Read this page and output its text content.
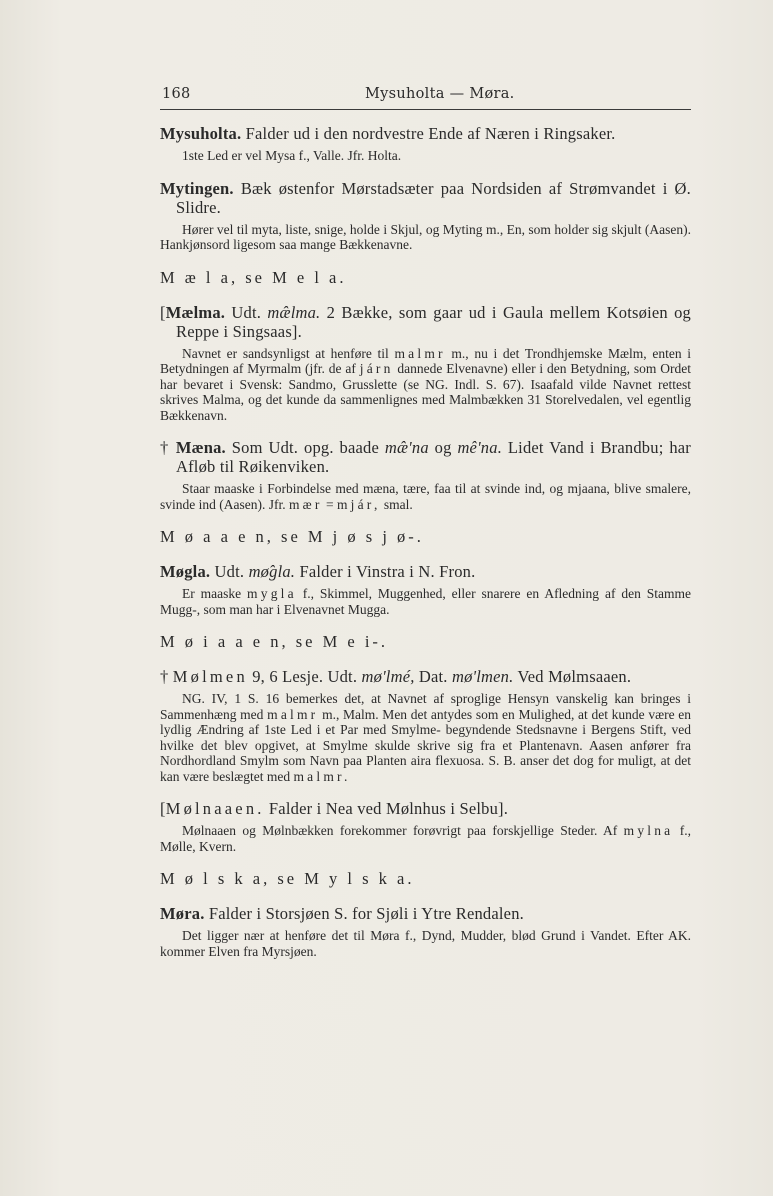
168	Mysuholta — Møra.
Mysuholta. Falder ud i den nordvestre Ende af Næren i Ringsaker.
1ste Led er vel Mysa f., Valle. Jfr. Holta.
Mytingen. Bæk østenfor Mørstadsæter paa Nordsiden af Strømvandet i Ø. Slidre.
Hører vel til myta, liste, snige, holde i Skjul, og Myting m., En, som holder sig skjult (Aasen). Hankjønsord ligesom saa mange Bækkenavne.
M æ l a, se M e l a.
[Mælma. Udt. mæ̂lma. 2 Bække, som gaar ud i Gaula mellem Kotsøien og Reppe i Singsaas].
Navnet er sandsynligst at henføre til malmr m., nu i det Trondhjemske Mælm, enten i Betydningen af Myrmalm (jfr. de af járn dannede Elvenavne) eller i den Betydning, som Ordet har bevaret i Svensk: Sandmo, Grusslette (se NG. Indl. S. 67). Isaafald vilde Navnet rettest skrives Malma, og det kunde da sammenlignes med Malmbækken 31 Storelvedalen, vel egentlig Bækkenavn.
† Mæna. Som Udt. opg. baade mæ̂'na og mê'na. Lidet Vand i Brandbu; har Afløb til Røikenviken.
Staar maaske i Forbindelse med mæna, tære, faa til at svinde ind, og mjaana, blive smalere, svinde ind (Aasen). Jfr. mær = mjár, smal.
M ø a a e n, se M j ø s j ø-.
Møgla. Udt. mø̂gla. Falder i Vinstra i N. Fron.
Er maaske mygla f., Skimmel, Muggenhed, eller snarere en Afledning af den Stamme Mugg-, som man har i Elvenavnet Mugga.
M ø i a a e n, se M e i-.
† Mølmen 9, 6 Lesje. Udt. mø'lmé, Dat. mø'lmen. Ved Mølmsaaen.
NG. IV, 1 S. 16 bemerkes det, at Navnet af sproglige Hensyn vanskelig kan bringes i Sammenhæng med malmr m., Malm. Men det antydes som en Mulighed, at det kunde være en lydlig Ændring af 1ste Led i et Par med Smylme- begyndende Stedsnavne i Bergens Stift, ved hvilke det blev opgivet, at Smylme skulde skrive sig fra et Plantenavn. Aasen anfører fra Nordhordland Smylm som Navn paa Planten aira flexuosa. S. B. anser det dog for muligt, at det kan være beslægtet med malmr.
[Mølnaaen. Falder i Nea ved Mølnhus i Selbu].
Mølnaaen og Mølnbækken forekommer forøvrigt paa forskjellige Steder. Af mylna f., Mølle, Kvern.
M ø l s k a, se M y l s k a.
Møra. Falder i Storsjøen S. for Sjøli i Ytre Rendalen.
Det ligger nær at henføre det til Møra f., Dynd, Mudder, blød Grund i Vandet. Efter AK. kommer Elven fra Myrsjøen.
